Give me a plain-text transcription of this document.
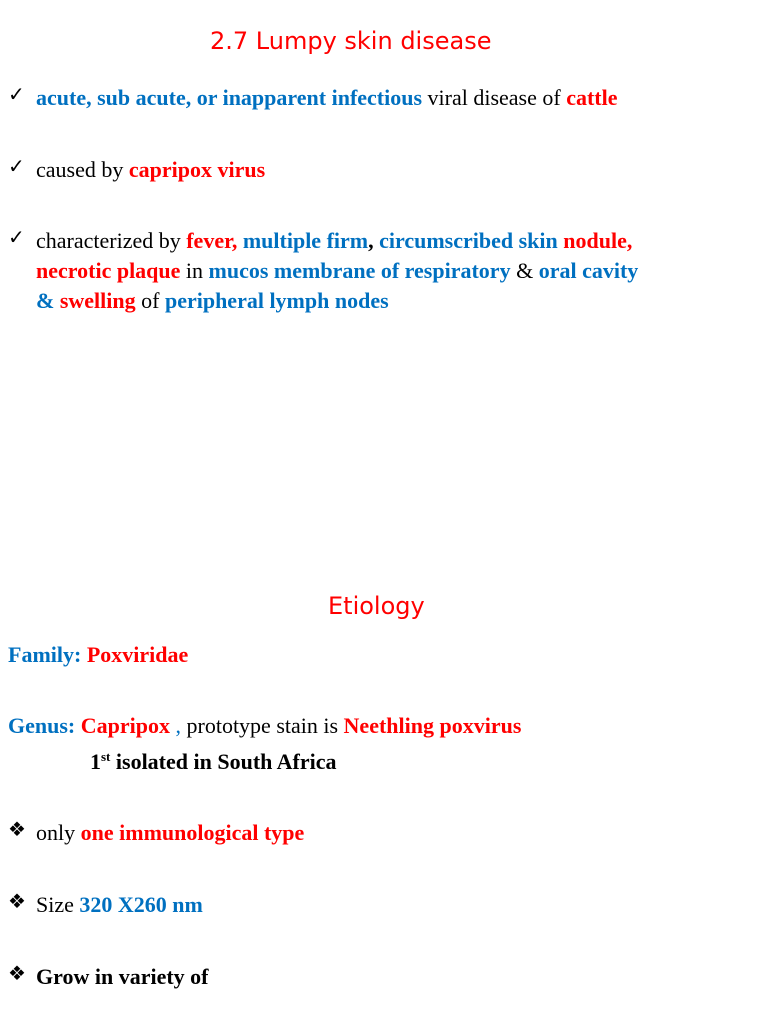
2.7 Lumpy skin disease
✓ acute, sub acute, or inapparent infectious viral disease of cattle
✓ caused by capripox virus
✓ characterized by fever, multiple firm, circumscribed skin nodule,
necrotic plaque in mucos membrane of respiratory & oral cavity
& swelling of peripheral lymph nodes
Etiology
Family: Poxviridae
Genus: Capripox , prototype stain is Neethling poxvirus
1st isolated in South Africa
❖ only one immunological type
❖ Size 320 X260 nm
❖ Grow in variety of
